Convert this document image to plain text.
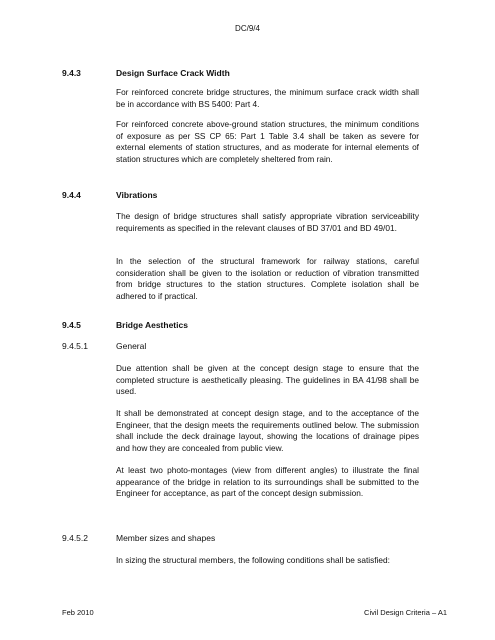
DC/9/4
9.4.3	Design Surface Crack Width
For reinforced concrete bridge structures, the minimum surface crack width shall be in accordance with BS 5400: Part 4.
For reinforced concrete above-ground station structures, the minimum conditions of exposure as per SS CP 65: Part 1 Table 3.4 shall be taken as severe for external elements of station structures, and as moderate for internal elements of station structures which are completely sheltered from rain.
9.4.4	Vibrations
The design of bridge structures shall satisfy appropriate vibration serviceability requirements as specified in the relevant clauses of BD 37/01 and BD 49/01.
In the selection of the structural framework for railway stations, careful consideration shall be given to the isolation or reduction of vibration transmitted from bridge structures to the station structures. Complete isolation shall be adhered to if practical.
9.4.5	Bridge Aesthetics
9.4.5.1	General
Due attention shall be given at the concept design stage to ensure that the completed structure is aesthetically pleasing. The guidelines in BA 41/98 shall be used.
It shall be demonstrated at concept design stage, and to the acceptance of the Engineer, that the design meets the requirements outlined below. The submission shall include the deck drainage layout, showing the locations of drainage pipes and how they are concealed from public view.
At least two photo-montages (view from different angles) to illustrate the final appearance of the bridge in relation to its surroundings shall be submitted to the Engineer for acceptance, as part of the concept design submission.
9.4.5.2	Member sizes and shapes
In sizing the structural members, the following conditions shall be satisfied:
Feb 2010	Civil Design Criteria – A1
